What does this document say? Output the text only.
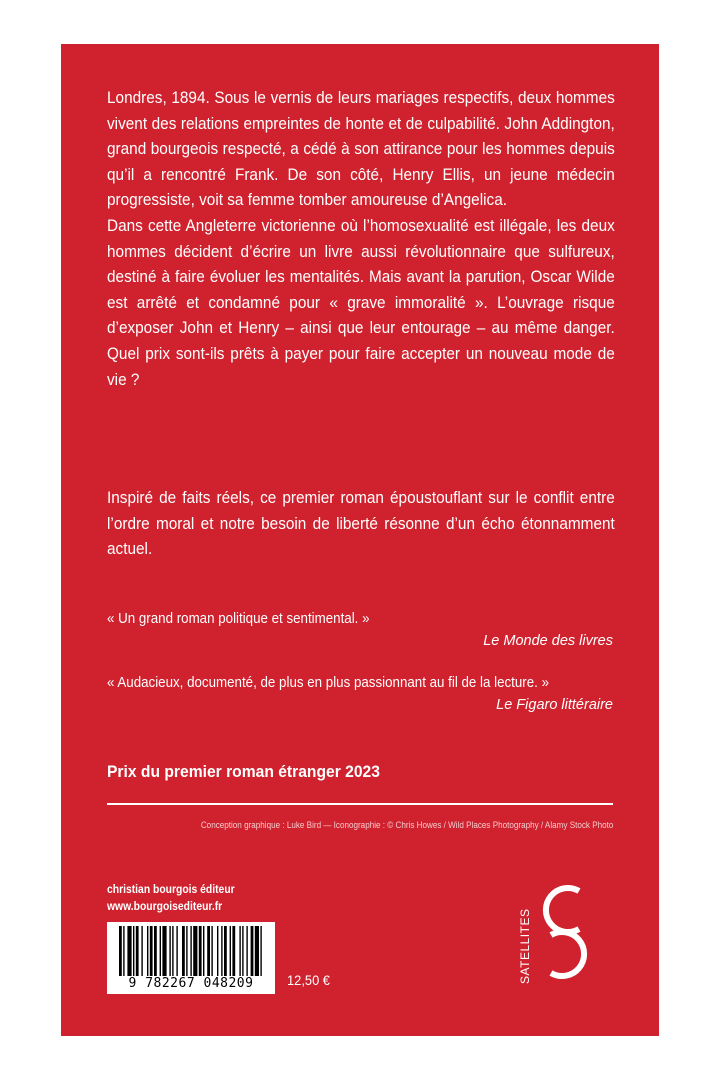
Londres, 1894. Sous le vernis de leurs mariages respectifs, deux hommes vivent des relations empreintes de honte et de culpabilité. John Addington, grand bourgeois respecté, a cédé à son attirance pour les hommes depuis qu’il a rencontré Frank. De son côté, Henry Ellis, un jeune médecin progressiste, voit sa femme tomber amoureuse d’Angelica.

Dans cette Angleterre victorienne où l’homosexualité est illégale, les deux hommes décident d’écrire un livre aussi révolutionnaire que sulfureux, destiné à faire évoluer les mentalités. Mais avant la parution, Oscar Wilde est arrêté et condamné pour « grave immoralité ». L’ouvrage risque d’exposer John et Henry – ainsi que leur entourage – au même danger. Quel prix sont-ils prêts à payer pour faire accepter un nouveau mode de vie ?

Inspiré de faits réels, ce premier roman époustouflant sur le conflit entre l’ordre moral et notre besoin de liberté résonne d’un écho étonnamment actuel.

« Un grand roman politique et sentimental. »
Le Monde des livres
« Audacieux, documenté, de plus en plus passionnant au fil de la lecture. »
Le Figaro littéraire
Prix du premier roman étranger 2023
Conception graphique : Luke Bird — Iconographie : © Chris Howes / Wild Places Photography / Alamy Stock Photo
christian bourgois éditeur
www.bourgoisediteur.fr
9 782267 048209	12,50 €	SATELLITES
